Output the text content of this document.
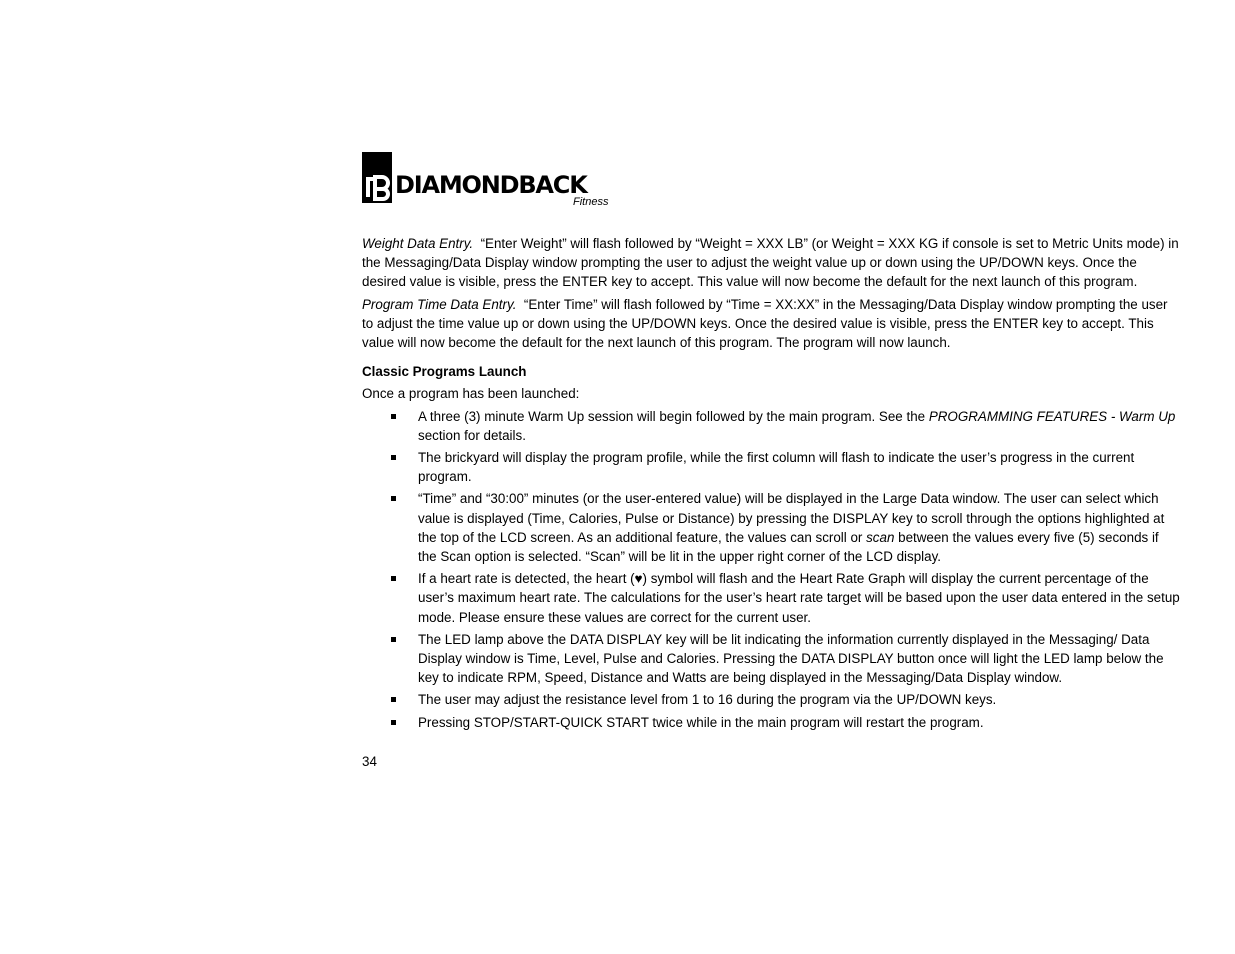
DIAMONDBACK
Fitness

Weight Data Entry. “Enter Weight” will flash followed by “Weight = XXX LB” (or Weight = XXX KG if console is set to Metric Units mode) in the Messaging/Data Display window prompting the user to adjust the weight value up or down using the UP/DOWN keys. Once the desired value is visible, press the ENTER key to accept. This value will now become the default for the next launch of this program.

Program Time Data Entry. “Enter Time” will flash followed by “Time = XX:XX” in the Messaging/Data Display window prompting the user to adjust the time value up or down using the UP/DOWN keys. Once the desired value is visible, press the ENTER key to accept. This value will now become the default for the next launch of this program. The program will now launch.

Classic Programs Launch
Once a program has been launched:
A three (3) minute Warm Up session will begin followed by the main program. See the PROGRAMMING FEATURES - Warm Up section for details.
The brickyard will display the program profile, while the first column will flash to indicate the user’s progress in the current program.
“Time” and “30:00” minutes (or the user-entered value) will be displayed in the Large Data window. The user can select which value is displayed (Time, Calories, Pulse or Distance) by pressing the DISPLAY key to scroll through the options highlighted at the top of the LCD screen. As an additional feature, the values can scroll or scan between the values every five (5) seconds if the Scan option is selected. “Scan” will be lit in the upper right corner of the LCD display.
If a heart rate is detected, the heart (♥) symbol will flash and the Heart Rate Graph will display the current percentage of the user’s maximum heart rate. The calculations for the user’s heart rate target will be based upon the user data entered in the setup mode. Please ensure these values are correct for the current user.
The LED lamp above the DATA DISPLAY key will be lit indicating the information currently displayed in the Messaging/ Data Display window is Time, Level, Pulse and Calories. Pressing the DATA DISPLAY button once will light the LED lamp below the key to indicate RPM, Speed, Distance and Watts are being displayed in the Messaging/Data Display window.
The user may adjust the resistance level from 1 to 16 during the program via the UP/DOWN keys.
Pressing STOP/START-QUICK START twice while in the main program will restart the program.
34
